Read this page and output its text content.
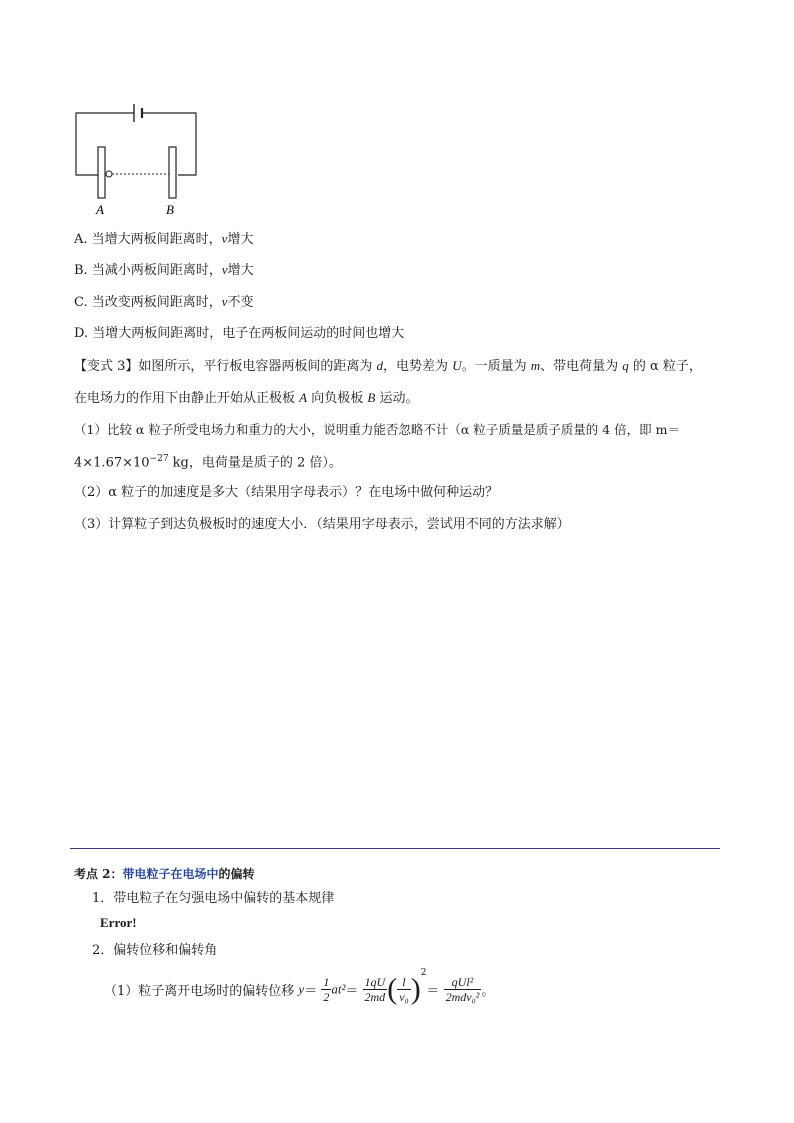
A	B
A. 当增大两板间距离时，v增大
B. 当减小两板间距离时，v增大
C. 当改变两板间距离时，v不变
D. 当增大两板间距离时，电子在两板间运动的时间也增大
【变式 3】如图所示，平行板电容器两板间的距离为 d，电势差为 U。一质量为 m、带电荷量为 q 的 α 粒子，
在电场力的作用下由静止开始从正极板 A 向负极板 B 运动。
（1）比较 α 粒子所受电场力和重力的大小，说明重力能否忽略不计（α 粒子质量是质子质量的 4 倍，即 m＝
$4\times 1.67\times 10^{-27}$ kg，电荷量是质子的 2 倍）。
（2）α 粒子的加速度是多大（结果用字母表示）？在电场中做何种运动？
（3）计算粒子到达负极板时的速度大小．（结果用字母表示，尝试用不同的方法求解）
考点 2：带电粒子在电场中的偏转
1．带电粒子在匀强电场中偏转的基本规律
Error!
2．偏转位移和偏转角
（1）粒子离开电场时的偏转位移 $y= \frac{1}{2} at^2= \frac{1qU}{2md}$ ( $\frac{l}{\text{v₀}} )^2= \frac{\text{qUl²}}{\text{2mdv₀²}}$ 。
